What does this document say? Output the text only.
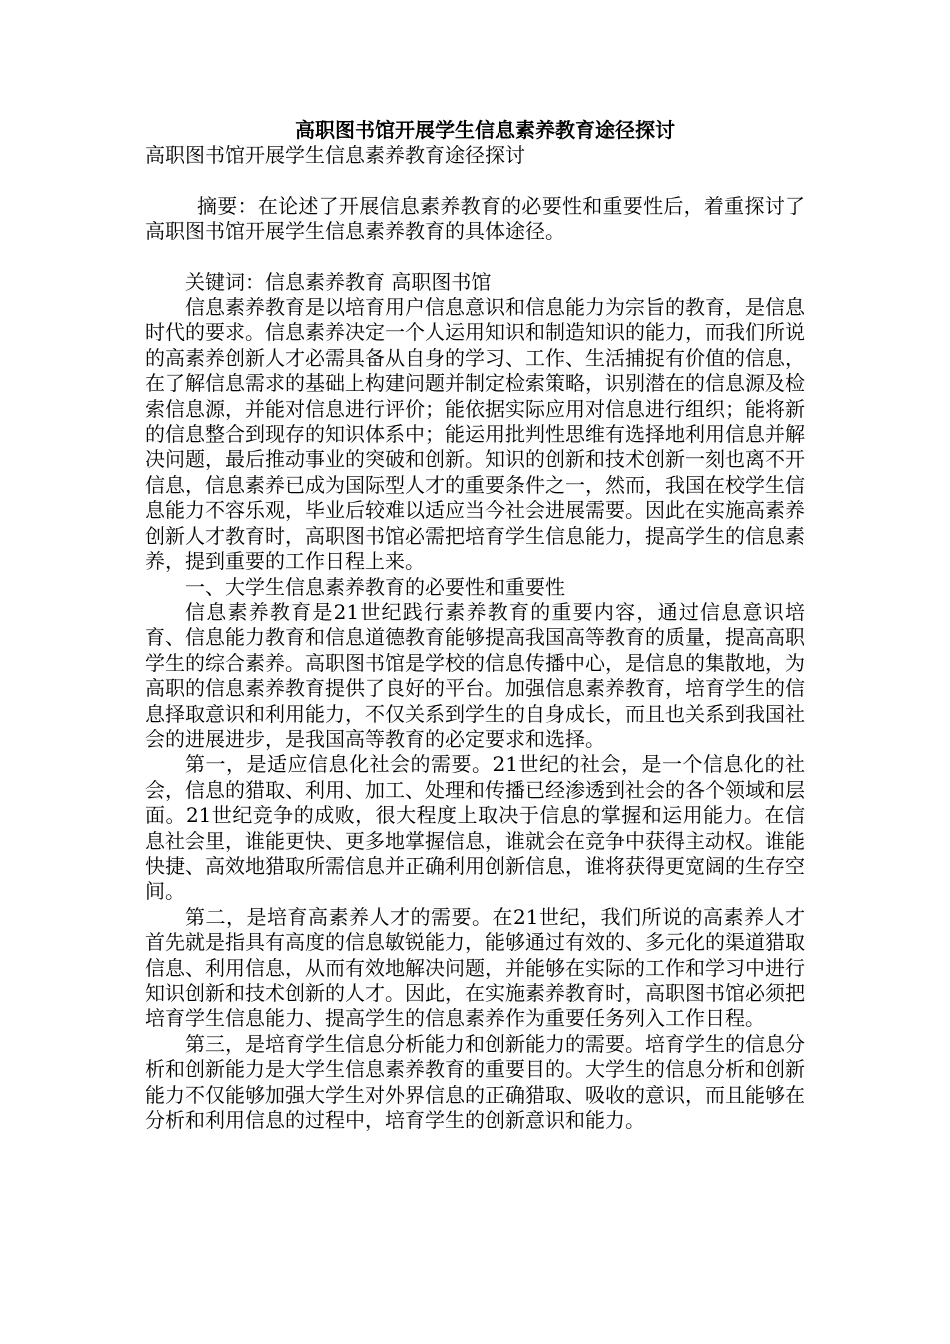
高职图书馆开展学生信息素养教育途径探讨

高职图书馆开展学生信息素养教育途径探讨

摘要：在论述了开展信息素养教育的必要性和重要性后，着重探讨了高职图书馆开展学生信息素养教育的具体途径。

关键词：信息素养教育 高职图书馆

信息素养教育是以培育用户信息意识和信息能力为宗旨的教育，是信息时代的要求。信息素养决定一个人运用知识和制造知识的能力，而我们所说的高素养创新人才必需具备从自身的学习、工作、生活捕捉有价值的信息，在了解信息需求的基础上构建问题并制定检索策略，识别潜在的信息源及检索信息源，并能对信息进行评价；能依据实际应用对信息进行组织；能将新的信息整合到现存的知识体系中；能运用批判性思维有选择地利用信息并解决问题，最后推动事业的突破和创新。知识的创新和技术创新一刻也离不开信息，信息素养已成为国际型人才的重要条件之一，然而，我国在校学生信息能力不容乐观，毕业后较难以适应当今社会进展需要。因此在实施高素养创新人才教育时，高职图书馆必需把培育学生信息能力，提高学生的信息素养，提到重要的工作日程上来。

一、大学生信息素养教育的必要性和重要性

信息素养教育是21世纪践行素养教育的重要内容，通过信息意识培育、信息能力教育和信息道德教育能够提高我国高等教育的质量，提高高职学生的综合素养。高职图书馆是学校的信息传播中心，是信息的集散地，为高职的信息素养教育提供了良好的平台。加强信息素养教育，培育学生的信息择取意识和利用能力，不仅关系到学生的自身成长，而且也关系到我国社会的进展进步，是我国高等教育的必定要求和选择。

第一，是适应信息化社会的需要。21世纪的社会，是一个信息化的社会，信息的猎取、利用、加工、处理和传播已经渗透到社会的各个领域和层面。21世纪竞争的成败，很大程度上取决于信息的掌握和运用能力。在信息社会里，谁能更快、更多地掌握信息，谁就会在竞争中获得主动权。谁能快捷、高效地猎取所需信息并正确利用创新信息，谁将获得更宽阔的生存空间。

第二，是培育高素养人才的需要。在21世纪，我们所说的高素养人才首先就是指具有高度的信息敏锐能力，能够通过有效的、多元化的渠道猎取信息、利用信息，从而有效地解决问题，并能够在实际的工作和学习中进行知识创新和技术创新的人才。因此，在实施素养教育时，高职图书馆必须把培育学生信息能力、提高学生的信息素养作为重要任务列入工作日程。

第三，是培育学生信息分析能力和创新能力的需要。培育学生的信息分析和创新能力是大学生信息素养教育的重要目的。大学生的信息分析和创新能力不仅能够加强大学生对外界信息的正确猎取、吸收的意识，而且能够在分析和利用信息的过程中，培育学生的创新意识和能力。
